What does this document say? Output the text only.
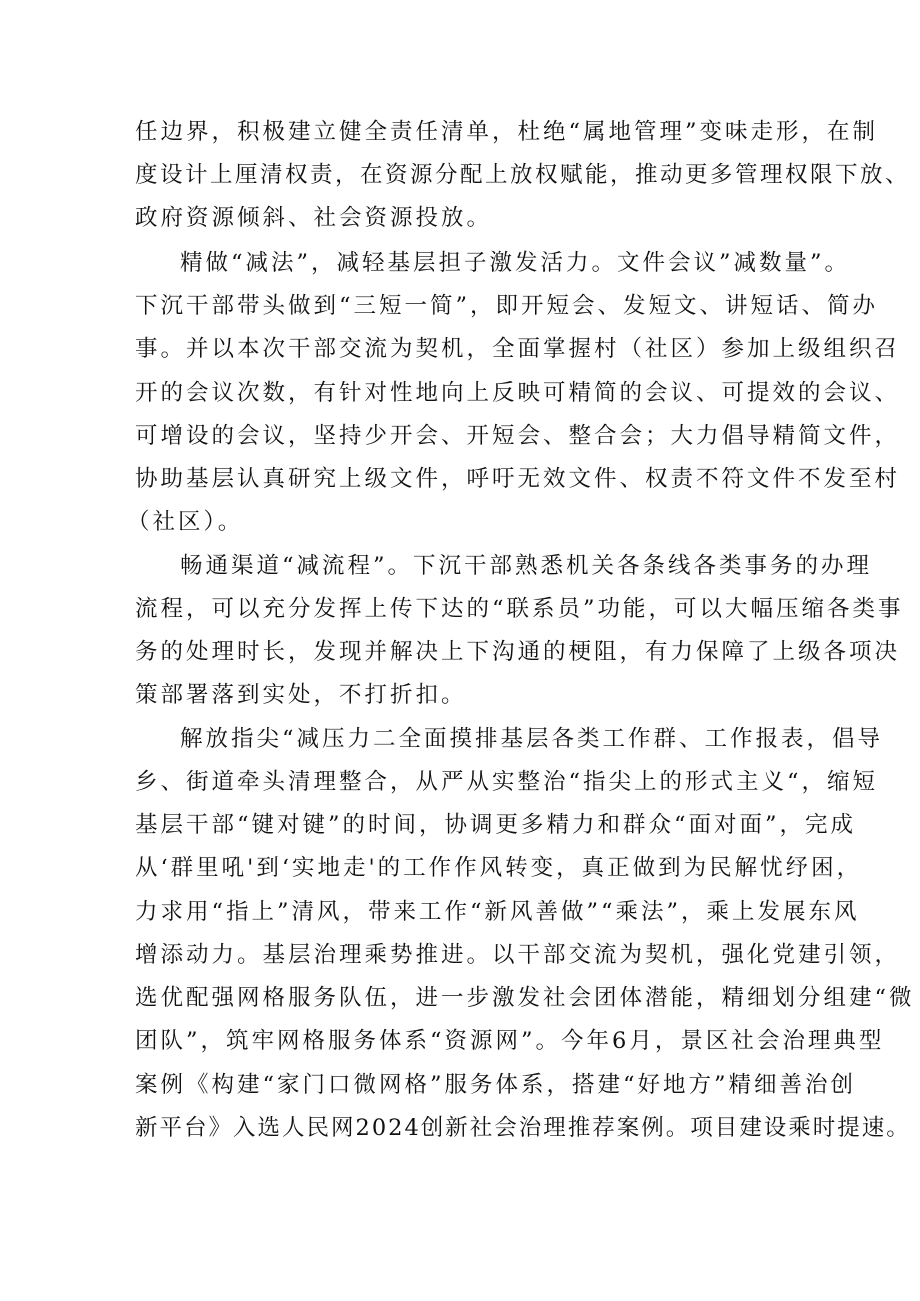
任边界，积极建立健全责任清单，杜绝“属地管理”变味走形，在制
度设计上厘清权责，在资源分配上放权赋能，推动更多管理权限下放、
政府资源倾斜、社会资源投放。
精做“减法”，减轻基层担子激发活力。文件会议”减数量”。
下沉干部带头做到“三短一简”，即开短会、发短文、讲短话、简办
事。并以本次干部交流为契机，全面掌握村（社区）参加上级组织召
开的会议次数，有针对性地向上反映可精简的会议、可提效的会议、
可增设的会议，坚持少开会、开短会、整合会；大力倡导精简文件，
协助基层认真研究上级文件，呼吁无效文件、权责不符文件不发至村
（社区）。
畅通渠道“减流程”。下沉干部熟悉机关各条线各类事务的办理
流程，可以充分发挥上传下达的“联系员”功能，可以大幅压缩各类事
务的处理时长，发现并解决上下沟通的梗阻，有力保障了上级各项决
策部署落到实处，不打折扣。
解放指尖“减压力二全面摸排基层各类工作群、工作报表，倡导
乡、街道牵头清理整合，从严从实整治“指尖上的形式主义“，缩短
基层干部“键对键”的时间，协调更多精力和群众“面对面”，完成
从‘群里吼'到‘实地走'的工作作风转变，真正做到为民解忧纾困，
力求用“指上”清风，带来工作“新风善做”“乘法”，乘上发展东风
增添动力。基层治理乘势推进。以干部交流为契机，强化党建引领，
选优配强网格服务队伍，进一步激发社会团体潜能，精细划分组建“微
团队”，筑牢网格服务体系“资源网”。今年6月，景区社会治理典型
案例《构建“家门口微网格”服务体系，搭建“好地方”精细善治创
新平台》入选人民网2024创新社会治理推荐案例。项目建设乘时提速。
